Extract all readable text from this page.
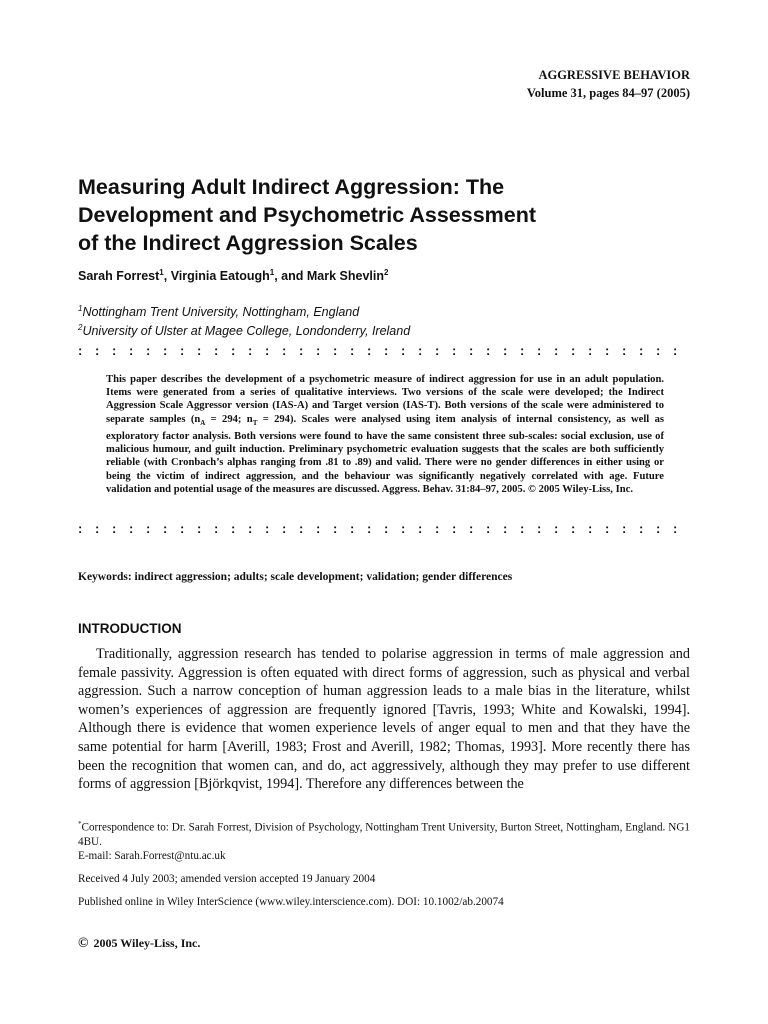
AGGRESSIVE BEHAVIOR
Volume 31, pages 84–97 (2005)
Measuring Adult Indirect Aggression: The
Development and Psychometric Assessment
of the Indirect Aggression Scales
Sarah Forrest$^1$, Virginia Eatough$^1$, and Mark Shevlin$^2$
$^1$Nottingham Trent University, Nottingham, England
$^2$University of Ulster at Magee College, Londonderry, Ireland
: : : : : : : : : : : : : : : : : : : : : : : : : : : : : : : : : : : :

This paper describes the development of a psychometric measure of indirect aggression for use in an adult population. Items were generated from a series of qualitative interviews. Two versions of the scale were developed; the Indirect Aggression Scale Aggressor version (IAS-A) and Target version (IAS-T). Both versions of the scale were administered to separate samples ($n_A = 294$; $n_T = 294$). Scales were analysed using item analysis of internal consistency, as well as exploratory factor analysis. Both versions were found to have the same consistent three sub-scales: social exclusion, use of malicious humour, and guilt induction. Preliminary psychometric evaluation suggests that the scales are both sufficiently reliable (with Cronbach’s alphas ranging from .81 to .89) and valid. There were no gender differences in either using or being the victim of indirect aggression, and the behaviour was significantly negatively correlated with age. Future validation and potential usage of the measures are discussed. Aggress. Behav. 31:84–97, 2005. © 2005 Wiley-Liss, Inc.

: : : : : : : : : : : : : : : : : : : : : : : : : : : : : : : : : : : :
Keywords: indirect aggression; adults; scale development; validation; gender differences
INTRODUCTION

Traditionally, aggression research has tended to polarise aggression in terms of male aggression and female passivity. Aggression is often equated with direct forms of aggression, such as physical and verbal aggression. Such a narrow conception of human aggression leads to a male bias in the literature, whilst women’s experiences of aggression are frequently ignored [Tavris, 1993; White and Kowalski, 1994]. Although there is evidence that women experience levels of anger equal to men and that they have the same potential for harm [Averill, 1983; Frost and Averill, 1982; Thomas, 1993]. More recently there has been the recognition that women can, and do, act aggressively, although they may prefer to use different forms of aggression [Björkqvist, 1994]. Therefore any differences between the

*Correspondence to: Dr. Sarah Forrest, Division of Psychology, Nottingham Trent University, Burton Street, Nottingham, England. NG1 4BU.

E-mail: Sarah.Forrest@ntu.ac.uk

Received 4 July 2003; amended version accepted 19 January 2004

Published online in Wiley InterScience (www.wiley.interscience.com). DOI: 10.1002/ab.20074

© 2005 Wiley-Liss, Inc.
